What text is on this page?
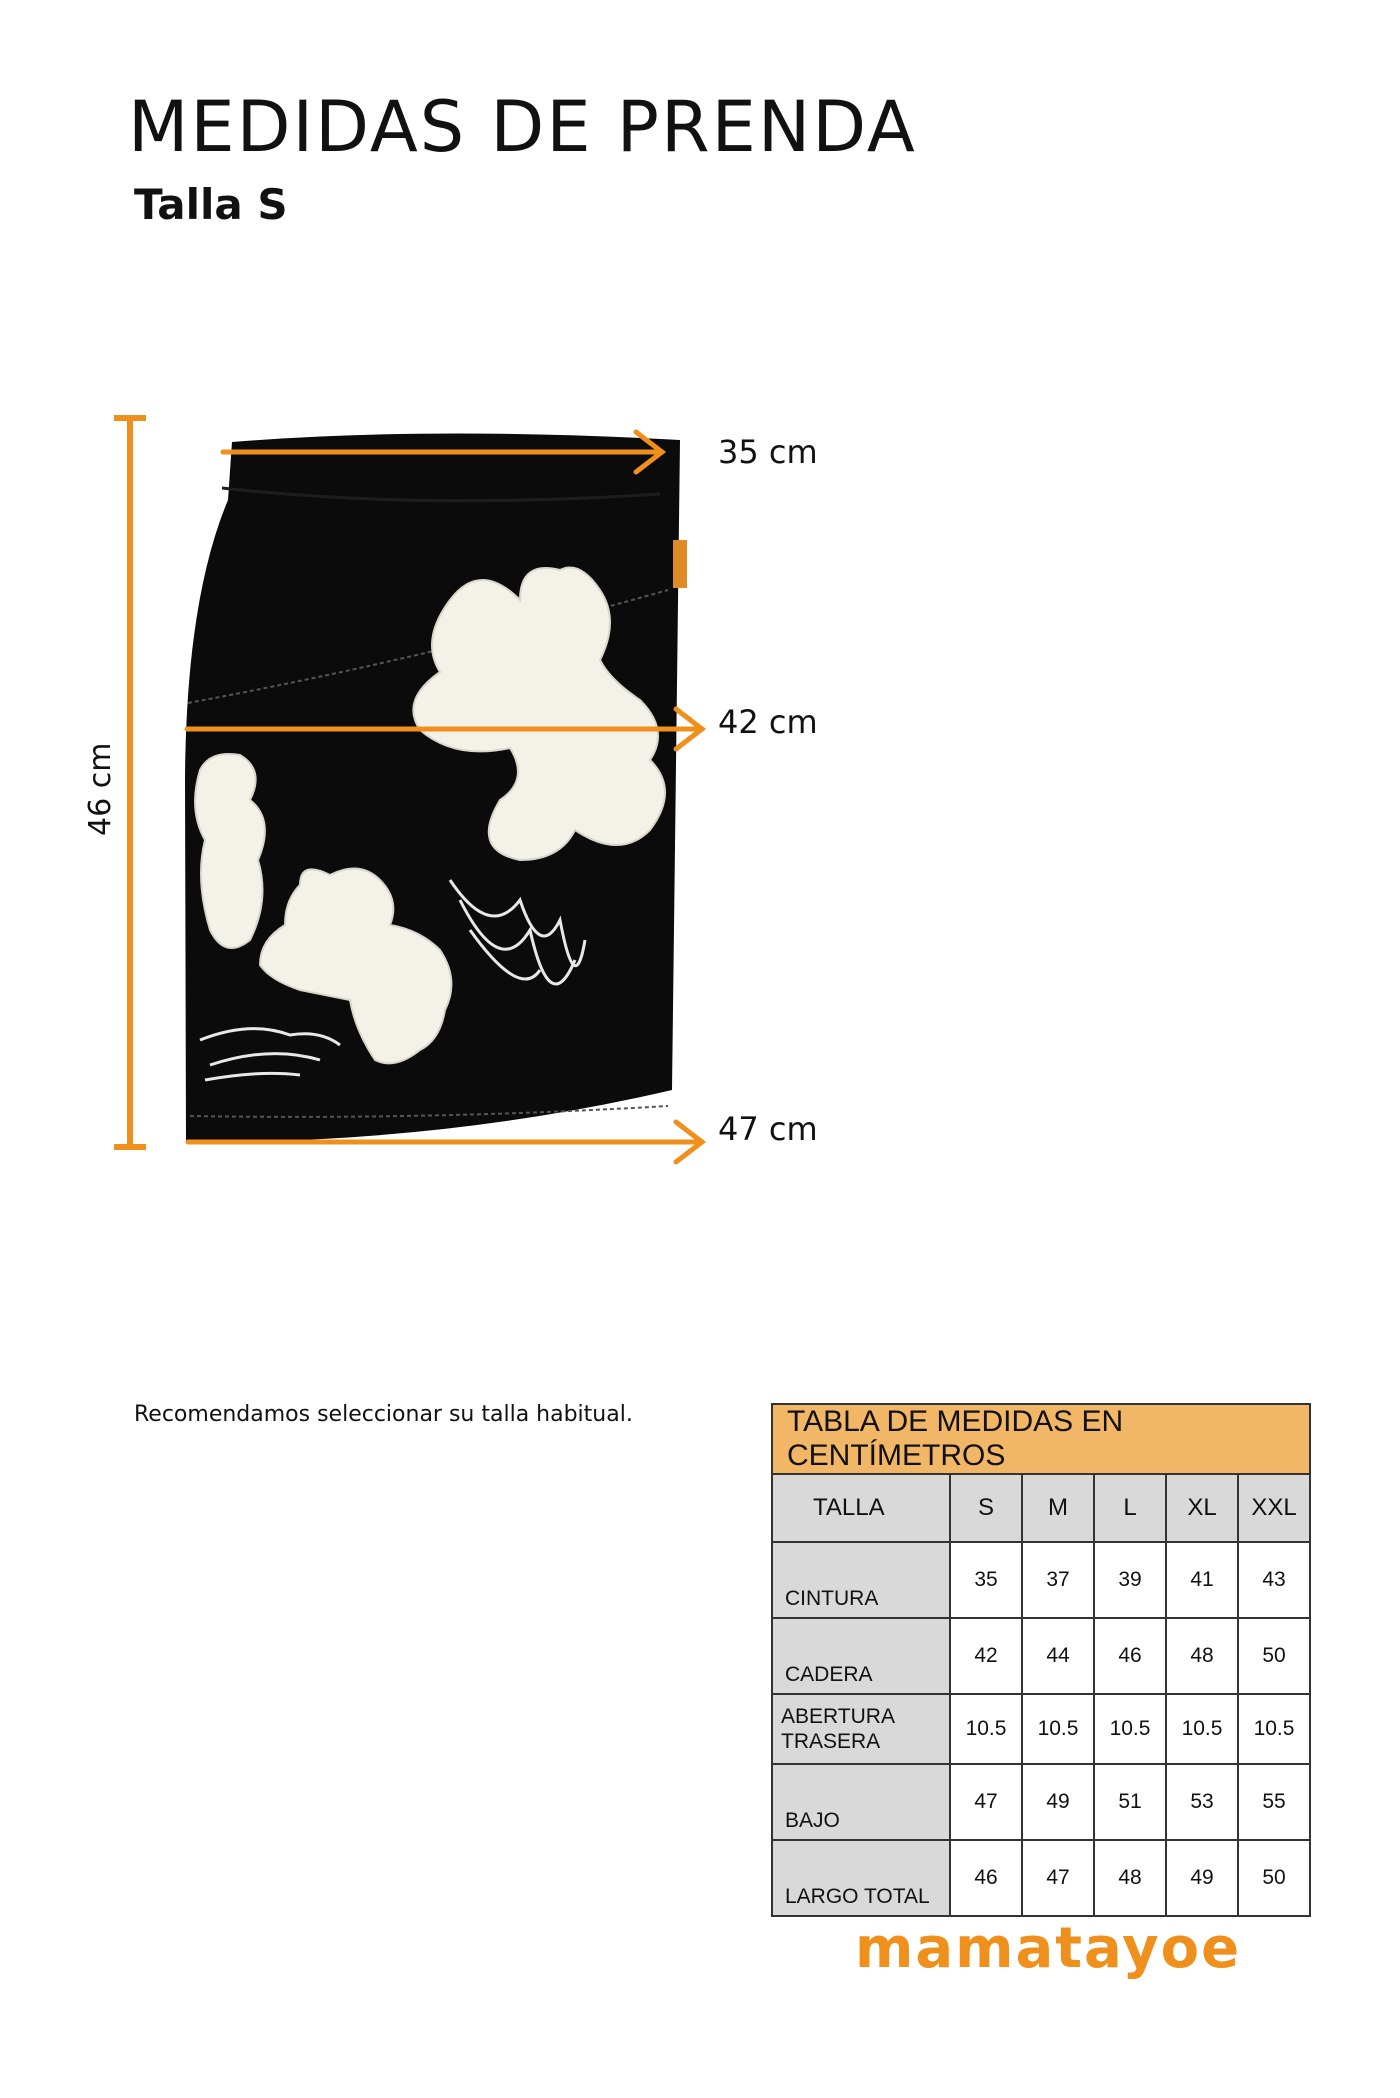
MEDIDAS DE PRENDA
Talla S
35 cm
42 cm
47 cm
46 cm
Recomendamos seleccionar su talla habitual.	TABLA DE MEDIDAS EN CENTÍMETROS					
TALLA	S	M	L	XL	XXL
CINTURA	35	37	39	41	43
CADERA	42	44	46	48	50
ABERTURA TRASERA	10.5	10.5	10.5	10.5	10.5
BAJO	47	49	51	53	55
LARGO TOTAL	46	47	48	49	50
mamatayoe
